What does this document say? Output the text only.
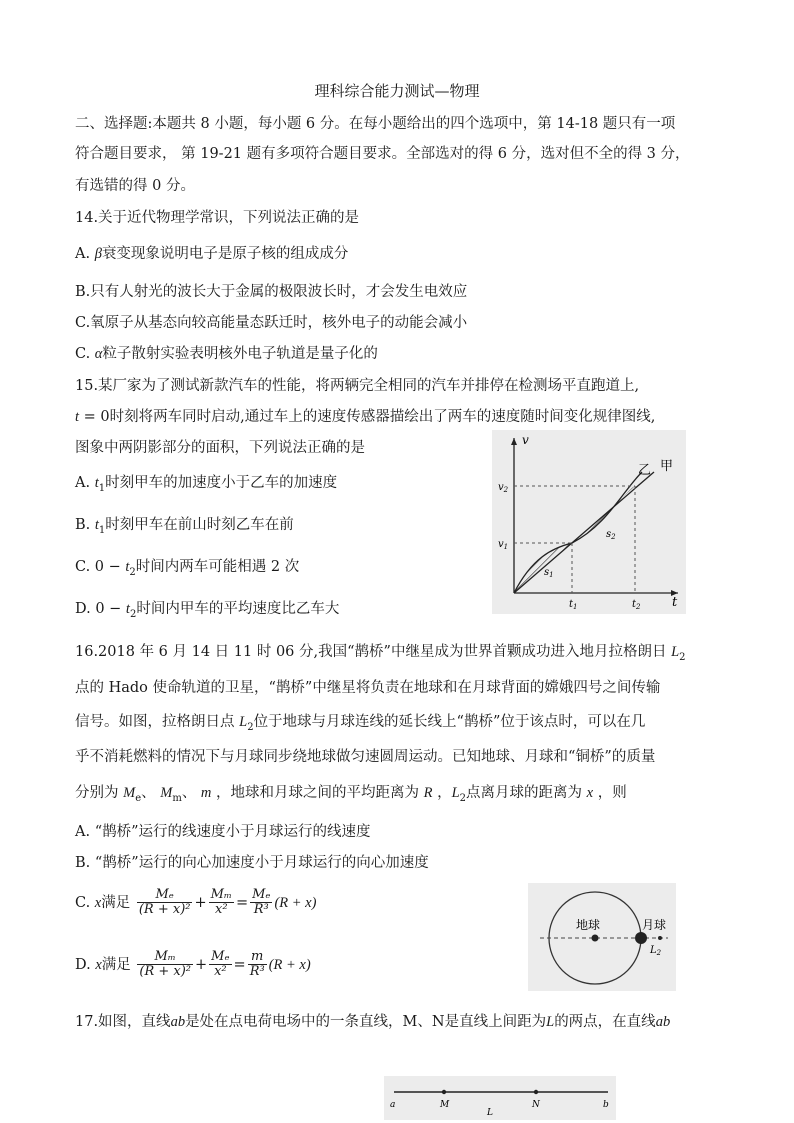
理科综合能力测试—物理
二、选择题:本题共 8 小题，每小题 6 分。在每小题给出的四个选项中，第 14-18 题只有一项
符合题目要求， 第 19-21 题有多项符合题目要求。全部选对的得 6 分，选对但不全的得 3 分，
有选错的得 0 分。
14.关于近代物理学常识，下列说法正确的是
A. β衰变现象说明电子是原子核的组成成分
B.只有人射光的波长大于金属的极限波长时，才会发生电效应
C.氧原子从基态向较高能量态跃迁时，核外电子的动能会减小
C. α粒子散射实验表明核外电子轨道是量子化的
15.某厂家为了测试新款汽车的性能，将两辆完全相同的汽车并排停在检测场平直跑道上,
t = 0时刻将两车同时启动,通过车上的速度传感器描绘出了两车的速度随时间变化规律图线,
图象中两阴影部分的面积，下列说法正确的是
A. $t_1$时刻甲车的加速度小于乙车的加速度
B. $t_1$时刻甲车在前山时刻乙车在前
C. $0 - t_2$时间内两车可能相遇 2 次
D. $0 - t_2$时间内甲车的平均速度比乙车大
v
t
$v_2$
$v_1$
$t_1$	$t_2$
$s_1$
$s_2$
乙 甲
16.2018 年 6 月 14 日 11 时 06 分,我国“鹊桥”中继星成为世界首颗成功进入地月拉格朗日 $L_2$
点的 Hado 使命轨道的卫星，“鹊桥”中继星将负责在地球和在月球背面的嫦娥四号之间传输
信号。如图，拉格朗日点 $L_2$位于地球与月球连线的延长线上“鹊桥”位于该点时，可以在几
乎不消耗燃料的情况下与月球同步绕地球做匀速圆周运动。已知地球、月球和“铜桥”的质量
分别为 $M_e$、 $M_m$、 m ，地球和月球之间的平均距离为 R ，$L_2$点离月球的距离为 x ，则
A. “鹊桥”运行的线速度小于月球运行的线速度
B. “鹊桥”运行的向心加速度小于月球运行的向心加速度
C. x满足 $\frac{\text{Mₑ}}{\text{(R + x)²}} + \frac{\text{Mₘ}}{\text{x²}} = \frac{\text{Mₑ}}{\text{R³}} (R + x)$
D. x满足 $\frac{\text{Mₘ}}{\text{(R + x)²}} + \frac{\text{Mₑ}}{\text{x²}} = \frac{m}{\text{R³}} (R + x)$
地球	月球
$L_2$
17.如图，直线ab是处在点电荷电场中的一条直线，M、N是直线上间距为L的两点，在直线ab
a	M	N	b
L
